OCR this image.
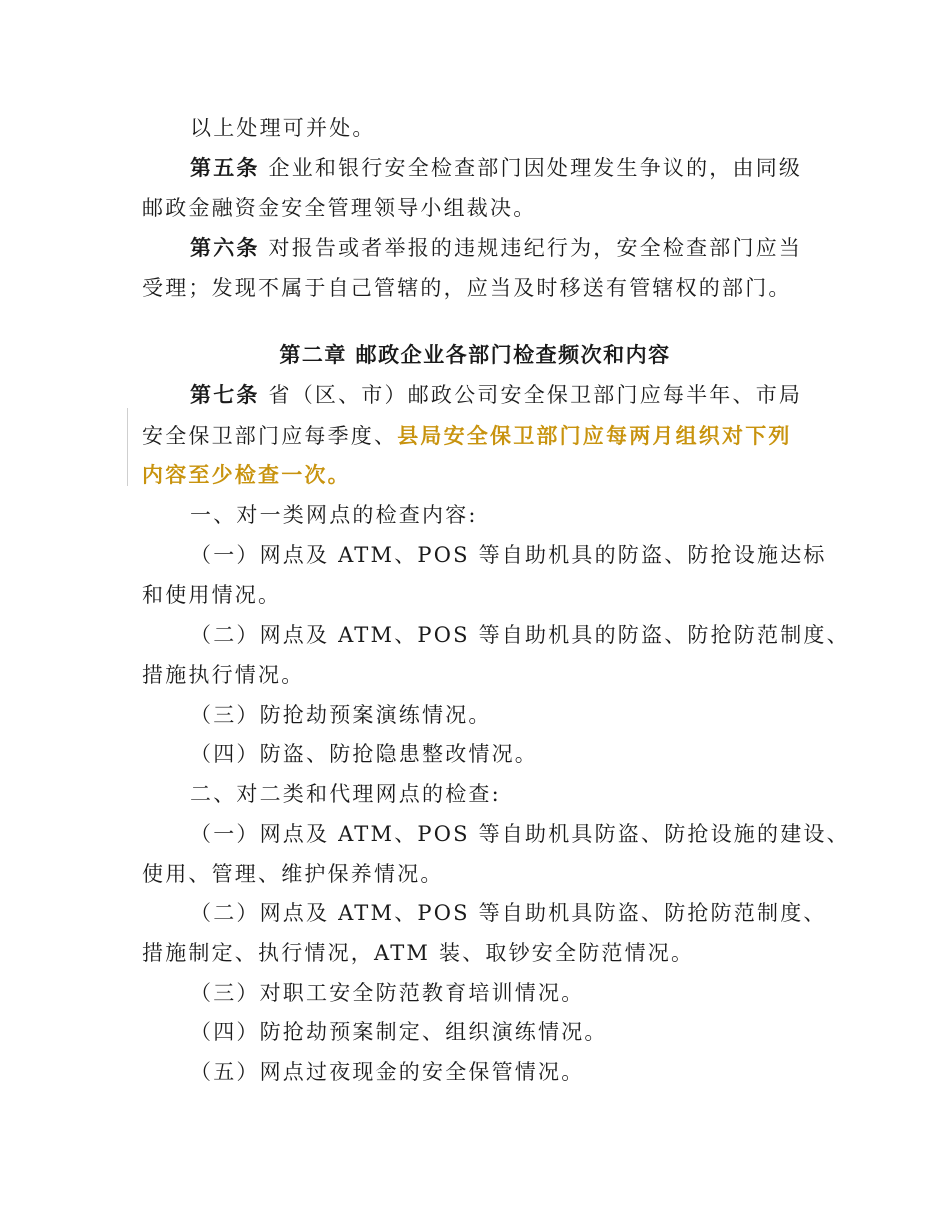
以上处理可并处。
第五条 企业和银行安全检查部门因处理发生争议的，由同级
邮政金融资金安全管理领导小组裁决。
第六条 对报告或者举报的违规违纪行为，安全检查部门应当
受理；发现不属于自己管辖的，应当及时移送有管辖权的部门。
第二章 邮政企业各部门检查频次和内容
第七条 省（区、市）邮政公司安全保卫部门应每半年、市局
安全保卫部门应每季度、县局安全保卫部门应每两月组织对下列
内容至少检查一次。
一、对一类网点的检查内容:
（一）网点及 ATM、POS 等自助机具的防盗、防抢设施达标
和使用情况。
（二）网点及 ATM、POS 等自助机具的防盗、防抢防范制度、
措施执行情况。
（三）防抢劫预案演练情况。
（四）防盗、防抢隐患整改情况。
二、对二类和代理网点的检查:
（一）网点及 ATM、POS 等自助机具防盗、防抢设施的建设、
使用、管理、维护保养情况。
（二）网点及 ATM、POS 等自助机具防盗、防抢防范制度、
措施制定、执行情况，ATM 装、取钞安全防范情况。
（三）对职工安全防范教育培训情况。
（四）防抢劫预案制定、组织演练情况。
（五）网点过夜现金的安全保管情况。
